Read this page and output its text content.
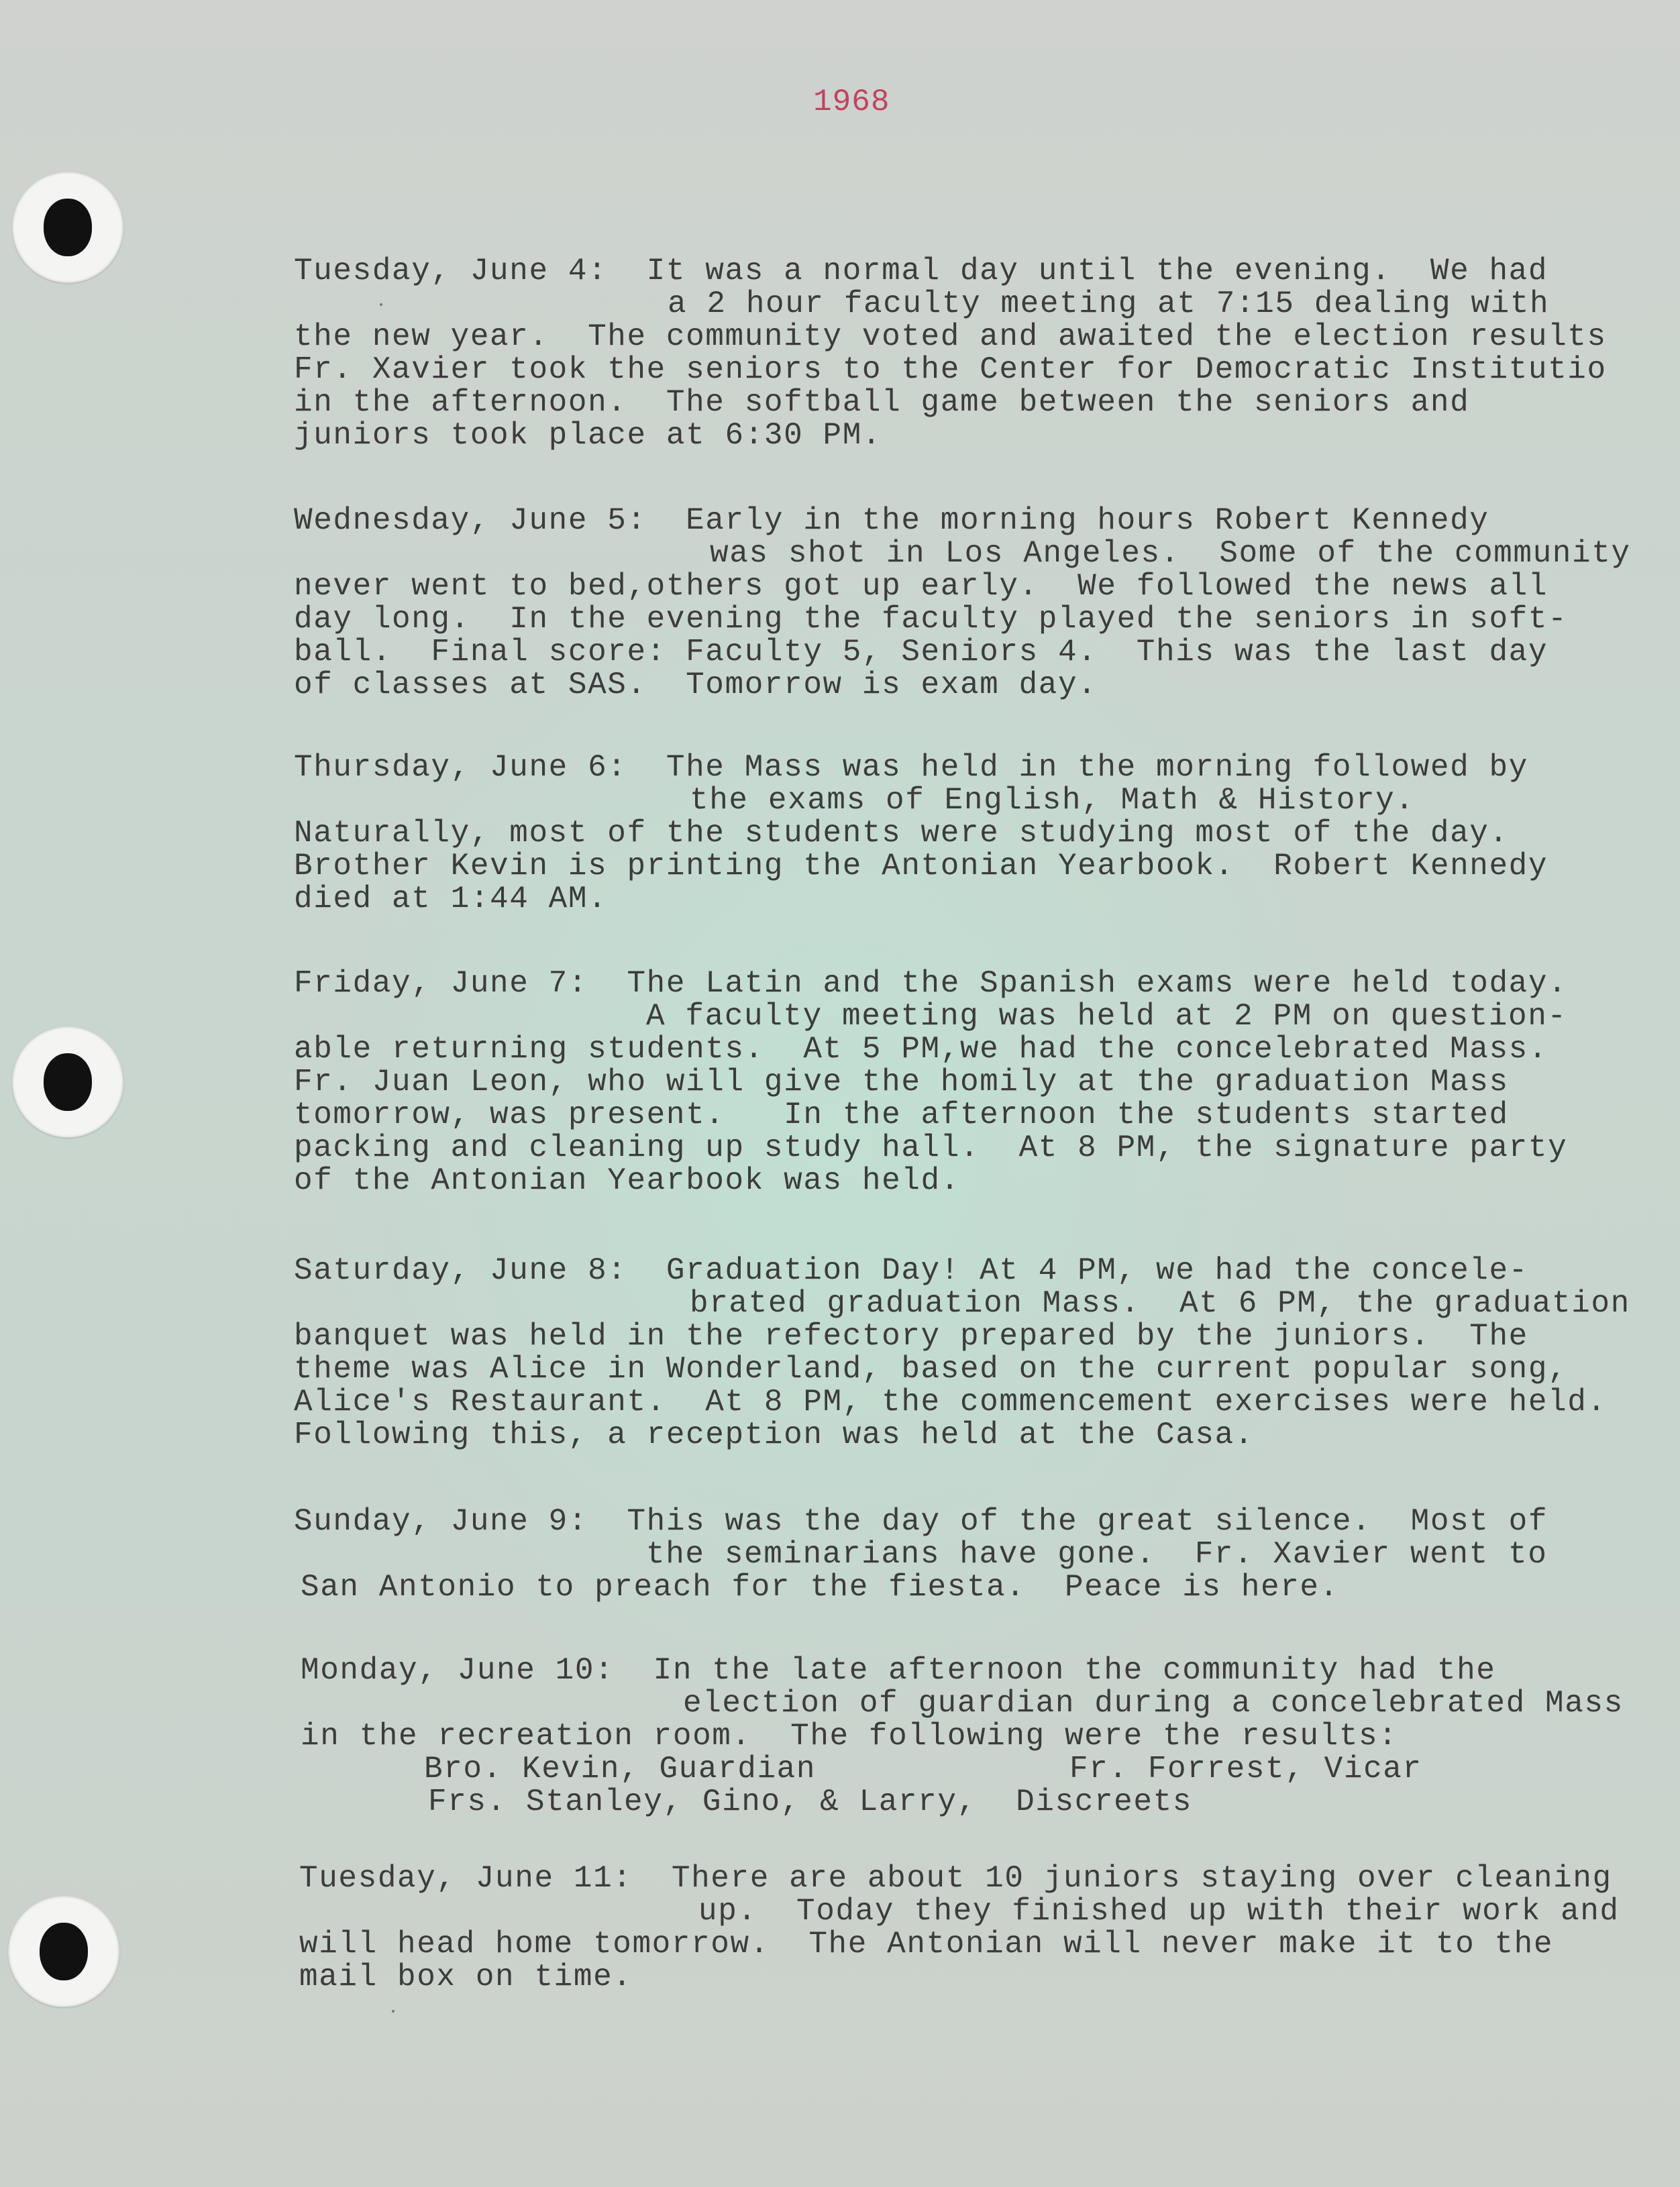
1968
Tuesday, June 4:  It was a normal day until the evening.  We had
a 2 hour faculty meeting at 7:15 dealing with
the new year.  The community voted and awaited the election results
Fr. Xavier took the seniors to the Center for Democratic Institutio
in the afternoon.  The softball game between the seniors and
juniors took place at 6:30 PM.
Wednesday, June 5:  Early in the morning hours Robert Kennedy
was shot in Los Angeles.  Some of the community
never went to bed,others got up early.  We followed the news all
day long.  In the evening the faculty played the seniors in soft-
ball.  Final score: Faculty 5, Seniors 4.  This was the last day
of classes at SAS.  Tomorrow is exam day.
Thursday, June 6:  The Mass was held in the morning followed by
the exams of English, Math & History.
Naturally, most of the students were studying most of the day.
Brother Kevin is printing the Antonian Yearbook.  Robert Kennedy
died at 1:44 AM.
Friday, June 7:  The Latin and the Spanish exams were held today.
A faculty meeting was held at 2 PM on question-
able returning students.  At 5 PM,we had the concelebrated Mass.
Fr. Juan Leon, who will give the homily at the graduation Mass
tomorrow, was present.   In the afternoon the students started
packing and cleaning up study hall.  At 8 PM, the signature party
of the Antonian Yearbook was held.
Saturday, June 8:  Graduation Day! At 4 PM, we had the concele-
brated graduation Mass.  At 6 PM, the graduation
banquet was held in the refectory prepared by the juniors.  The
theme was Alice in Wonderland, based on the current popular song,
Alice's Restaurant.  At 8 PM, the commencement exercises were held.
Following this, a reception was held at the Casa.
Sunday, June 9:  This was the day of the great silence.  Most of
the seminarians have gone.  Fr. Xavier went to
San Antonio to preach for the fiesta.  Peace is here.
Monday, June 10:  In the late afternoon the community had the
election of guardian during a concelebrated Mass
in the recreation room.  The following were the results:
Bro. Kevin, Guardian	Fr. Forrest, Vicar
Frs. Stanley, Gino, & Larry,  Discreets
Tuesday, June 11:  There are about 10 juniors staying over cleaning
up.  Today they finished up with their work and
will head home tomorrow.  The Antonian will never make it to the
mail box on time.
